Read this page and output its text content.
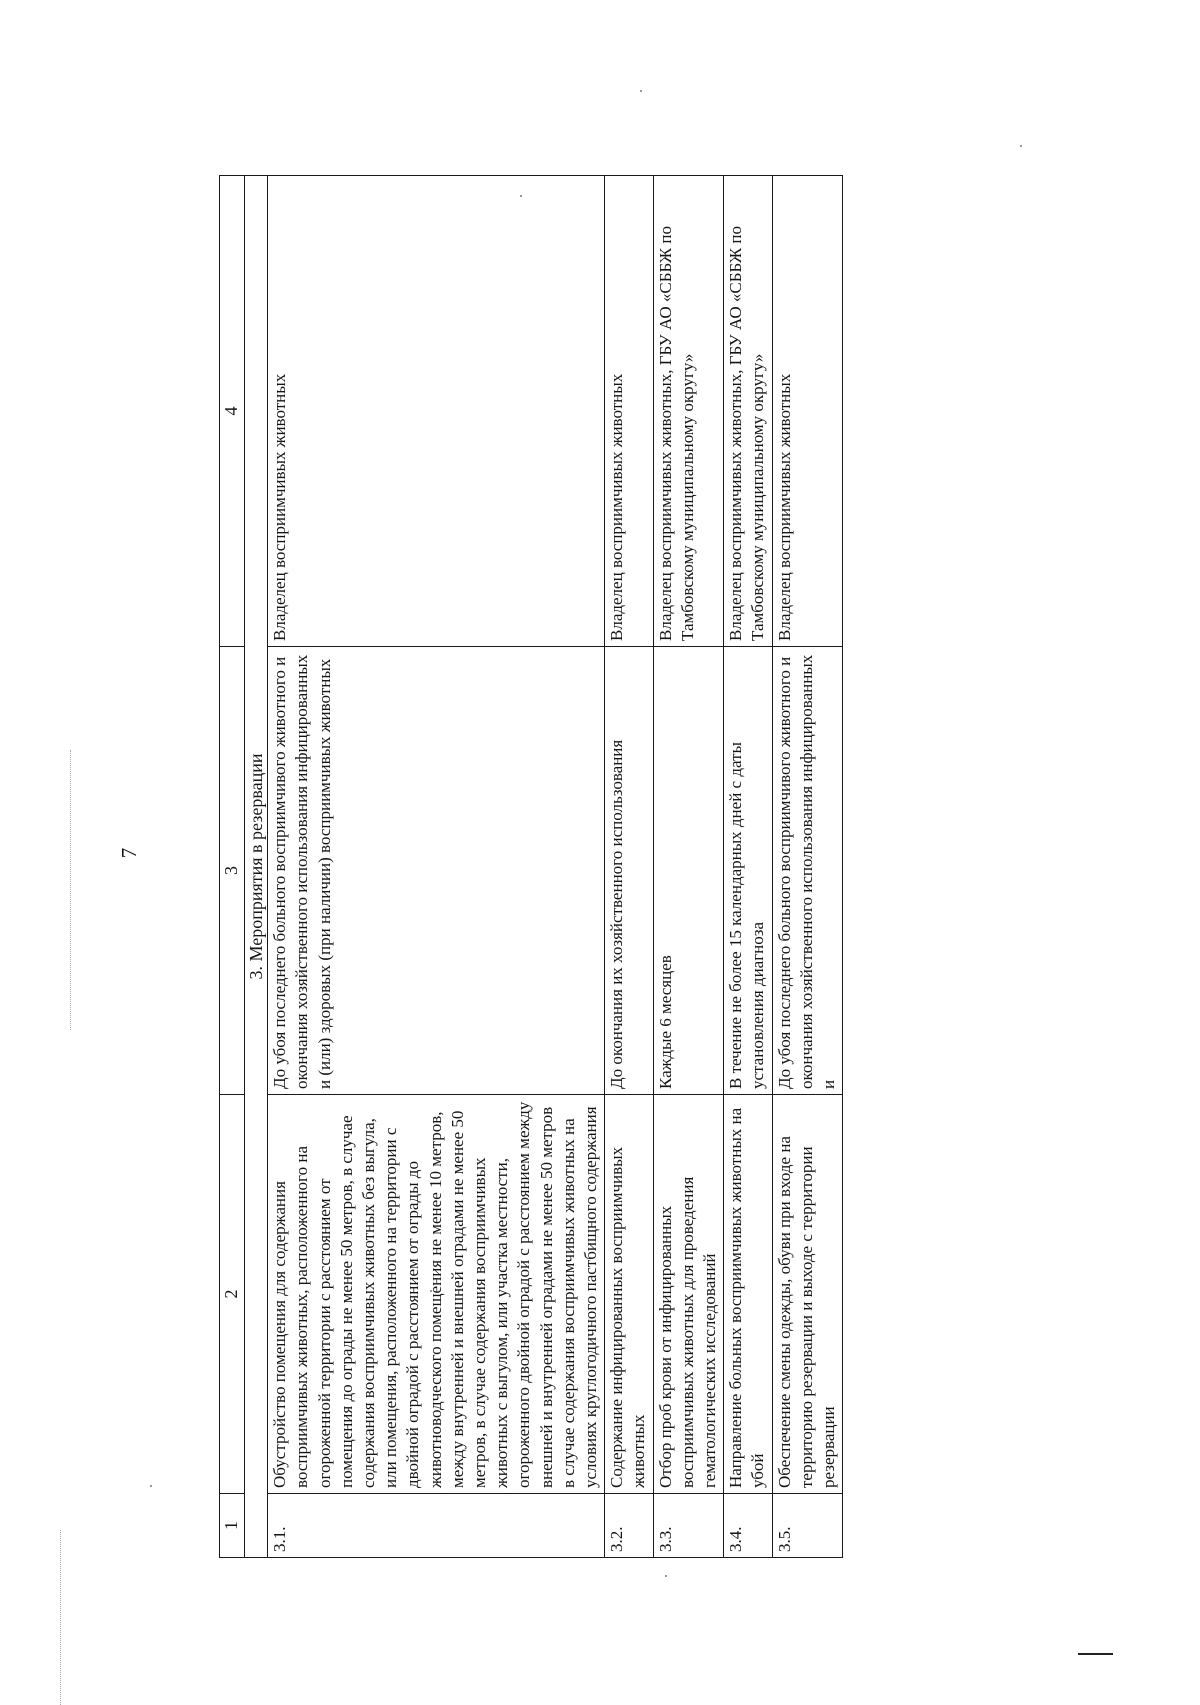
7
1	2	3	4
3. Мероприятия в резервации			
3.1.	Обустройство помещения для содержания восприимчивых животных, расположенного на огороженной территории с расстоянием от помещения до ограды не менее 50 метров, в случае содержания восприимчивых животных без выгула, или помещения, расположенного на территории с двойной оградой с расстоянием от ограды до животноводческого помещения не менее 10 метров, между внутренней и внешней оградами не менее 50 метров, в случае содержания восприимчивых животных с выгулом, или участка местности, огороженного двойной оградой с расстоянием между внешней и внутренней оградами не менее 50 метров в случае содержания восприимчивых животных на условиях круглогодичного пастбищного содержания	До убоя последнего больного восприимчивого животного и окончания хозяйственного использования инфицированных и (или) здоровых (при наличии) восприимчивых животных	Владелец восприимчивых животных
3.2.	Содержание инфицированных восприимчивых животных	До окончания их хозяйственного использования	Владелец восприимчивых животных
3.3.	Отбор проб крови от инфицированных восприимчивых животных для проведения гематологических исследований	Каждые 6 месяцев	Владелец восприимчивых животных, ГБУ АО «СББЖ по Тамбовскому муниципальному округу»
3.4.	Направление больных восприимчивых животных на убой	В течение не более 15 календарных дней с даты установления диагноза	Владелец восприимчивых животных, ГБУ АО «СББЖ по Тамбовскому муниципальному округу»
3.5.	Обеспечение смены одежды, обуви при входе на территорию резервации и выходе с территории резервации	До убоя последнего больного восприимчивого животного и окончания хозяйственного использования инфицированных и	Владелец восприимчивых животных
